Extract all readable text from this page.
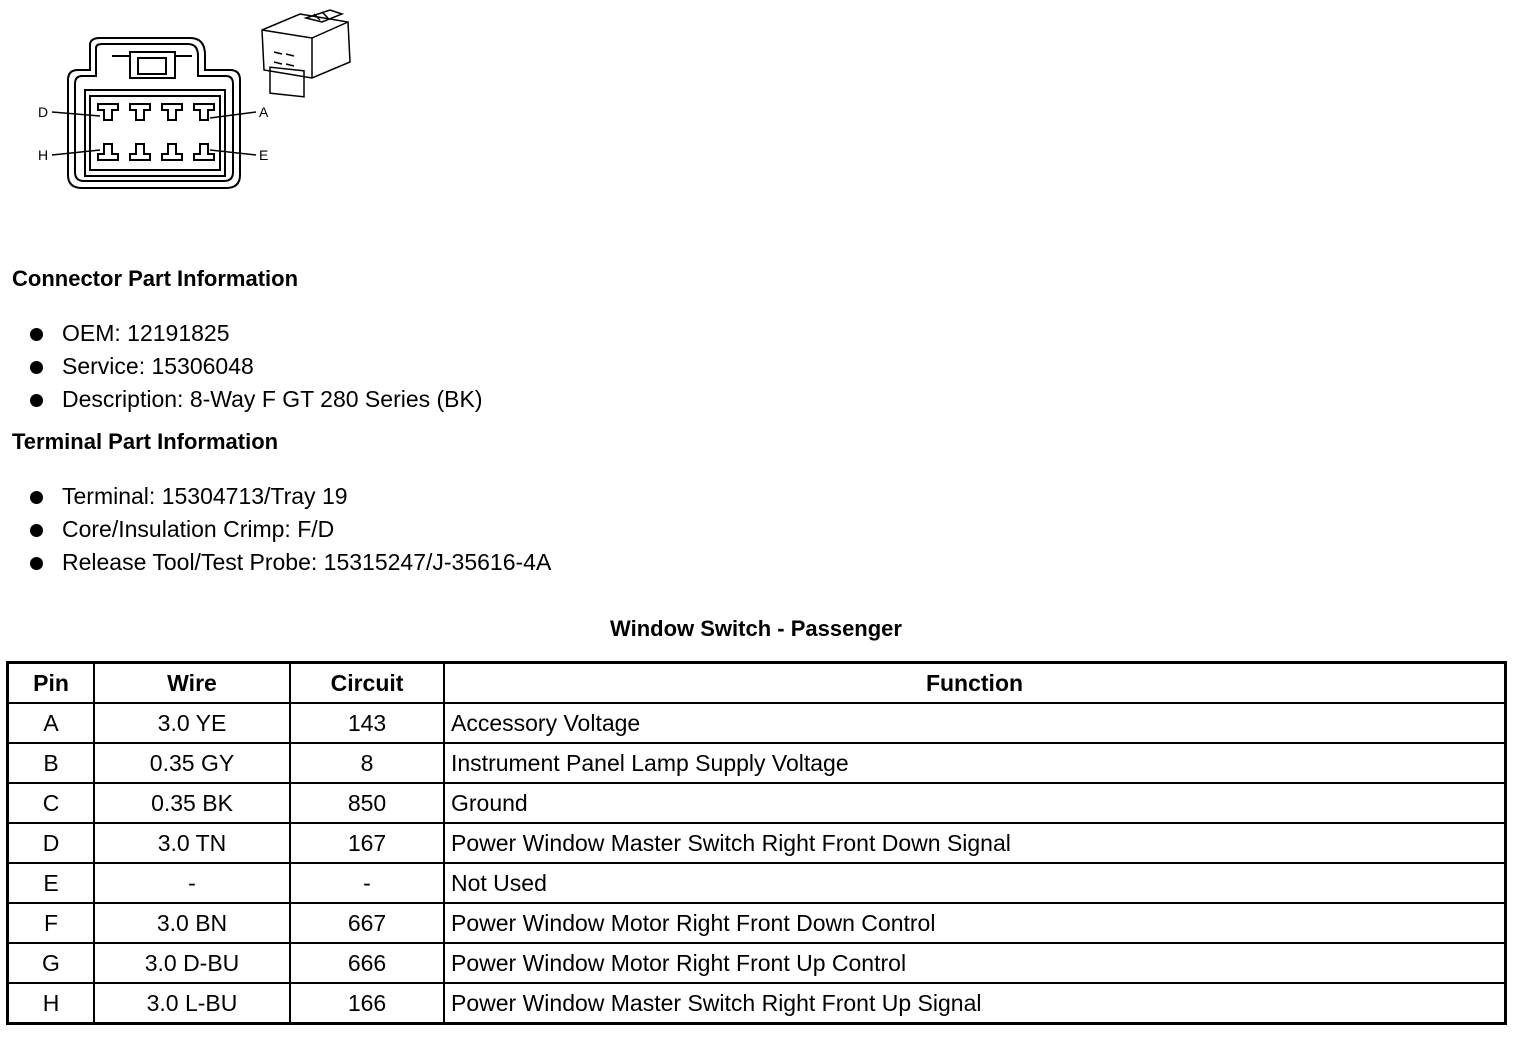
D	A
H	E
Connector Part Information
OEM: 12191825
Service: 15306048
Description: 8-Way F GT 280 Series (BK)
Terminal Part Information
Terminal: 15304713/Tray 19
Core/Insulation Crimp: F/D
Release Tool/Test Probe: 15315247/J-35616-4A
Window Switch - Passenger
Pin	Wire	Circuit	Function
A	3.0 YE	143	Accessory Voltage
B	0.35 GY	8	Instrument Panel Lamp Supply Voltage
C	0.35 BK	850	Ground
D	3.0 TN	167	Power Window Master Switch Right Front Down Signal
E	-	-	Not Used
F	3.0 BN	667	Power Window Motor Right Front Down Control
G	3.0 D-BU	666	Power Window Motor Right Front Up Control
H	3.0 L-BU	166	Power Window Master Switch Right Front Up Signal
